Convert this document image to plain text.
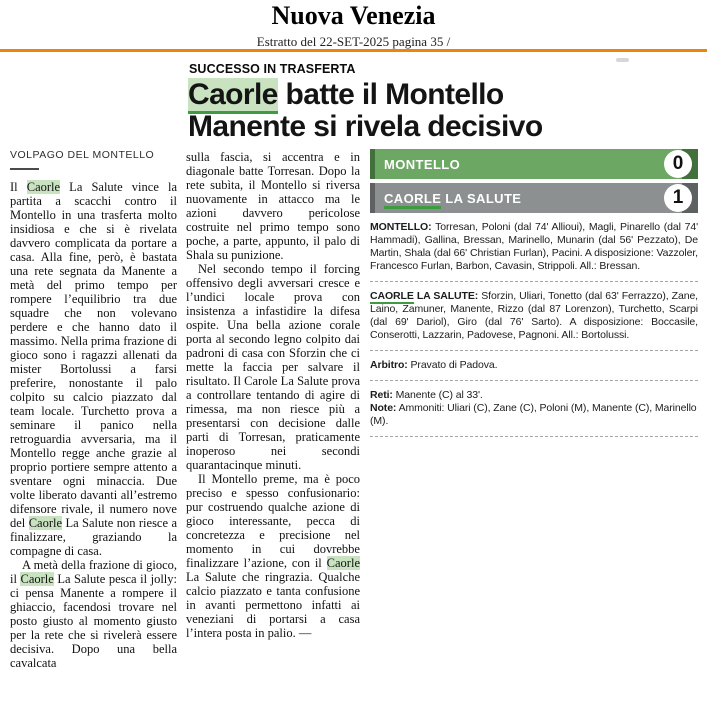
Nuova Venezia
Estratto del 22-SET-2025 pagina 35 /
SUCCESSO IN TRASFERTA
Caorle batte il Montello
Manente si rivela decisivo
VOLPAGO DEL MONTELLO

Il Caorle La Salute vince la partita a scacchi contro il Montello in una trasferta molto insidiosa e che si è rivelata davvero complicata da portare a casa. Alla fine, però, è bastata una rete segnata da Manente a metà del primo tempo per rompere l’equilibrio tra due squadre che non volevano perdere e che hanno dato il massimo. Nella prima frazione di gioco sono i ragazzi allenati da mister Bortolussi a farsi preferire, nonostante il palo colpito su calcio piazzato dal team locale. Turchetto prova a seminare il panico nella retroguardia avversaria, ma il Montello regge anche grazie al proprio portiere sempre attento a sventare ogni minaccia. Due volte liberato davanti all’estremo difensore rivale, il numero nove del Caorle La Salute non riesce a finalizzare, graziando la compagne di casa.

A metà della frazione di gioco, il Caorle La Salute pesca il jolly: ci pensa Manente a rompere il ghiaccio, facendosi trovare nel posto giusto al momento giusto per la rete che si rivelerà essere decisiva. Dopo una bella cavalcata

sulla fascia, si accentra e in diagonale batte Torresan. Dopo la rete subìta, il Montello si riversa nuovamente in attacco ma le azioni davvero pericolose costruite nel primo tempo sono poche, a parte, appunto, il palo di Shala su punizione.

Nel secondo tempo il forcing offensivo degli avversari cresce e l’undici locale prova con insistenza a infastidire la difesa ospite. Una bella azione corale porta al secondo legno colpito dai padroni di casa con Sforzin che ci mette la faccia per salvare il risultato. Il Carole La Salute prova a controllare tentando di agire di rimessa, ma non riesce più a presentarsi con decisione dalle parti di Torresan, praticamente inoperoso nei secondi quarantacinque minuti.

Il Montello preme, ma è poco preciso e spesso confusionario: pur costruendo qualche azione di gioco interessante, pecca di concretezza e precisione nel momento in cui dovrebbe finalizzare l’azione, con il Caorle La Salute che ringrazia. Qualche calcio piazzato e tanta confusione in avanti permettono infatti ai veneziani di portarsi a casa l’intera posta in palio. —

MONTELLO	0
CAORLE LA SALUTE	1

MONTELLO: Torresan, Poloni (dal 74' Allioui), Magli, Pinarello (dal 74' Hammadi), Gallina, Bressan, Marinello, Munarin (dal 56' Pezzato), De Martin, Shala (dal 66' Christian Furlan), Pacini. A disposizione: Vazzoler, Francesco Furlan, Barbon, Cavasin, Strippoli. All.: Bressan.

CAORLE LA SALUTE: Sforzin, Uliari, Tonetto (dal 63' Ferrazzo), Zane, Laino, Zamuner, Manente, Rizzo (dal 87 Lorenzon), Turchetto, Scarpi (dal 69' Dariol), Giro (dal 76' Sarto). A disposizione: Boccasile, Conserotti, Lazzarin, Padovese, Pagnoni. All.: Bortolussi.

Arbitro: Pravato di Padova.

Reti: Manente (C) al 33'.

Note: Ammoniti: Uliari (C), Zane (C), Poloni (M), Manente (C), Marinello (M).
